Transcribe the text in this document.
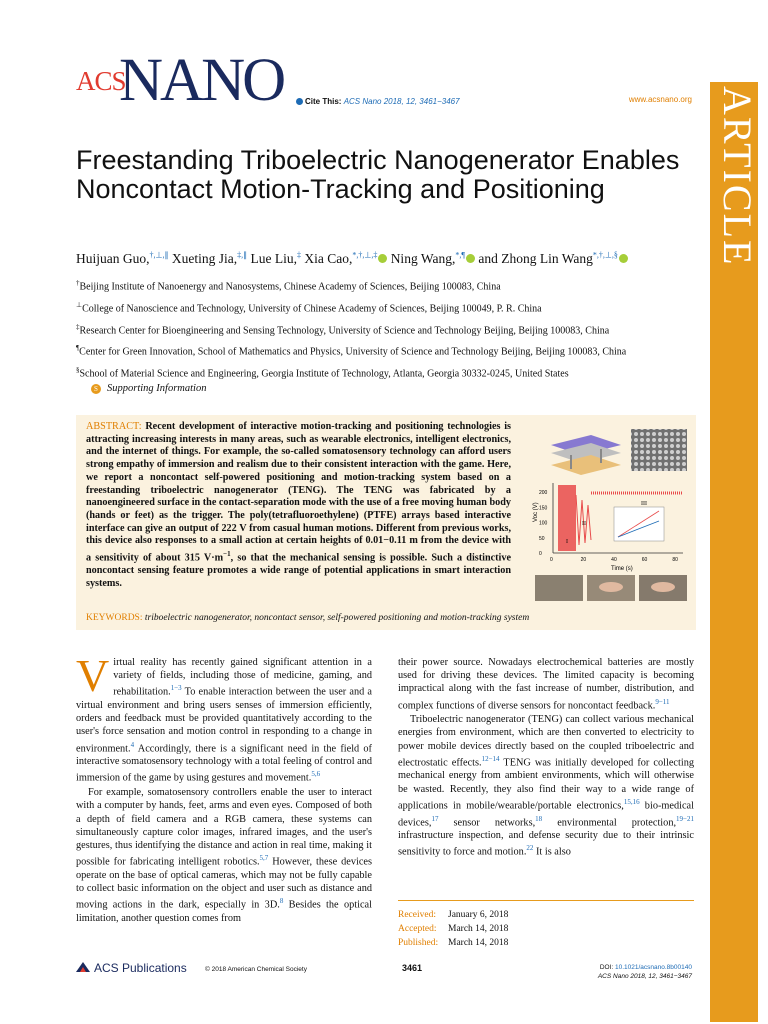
ACS
NANO	Cite This: ACS Nano 2018, 12, 3461−3467	www.acsnano.org ARTICLE
Freestanding Triboelectric Nanogenerator Enables Noncontact Motion-Tracking and Positioning
Huijuan Guo,†,⊥,∥ Xueting Jia,‡,∥ Lue Liu,‡ Xia Cao,*,†,⊥,‡ Ning Wang,*,¶ and Zhong Lin Wang*,†,⊥,§
†Beijing Institute of Nanoenergy and Nanosystems, Chinese Academy of Sciences, Beijing 100083, China
⊥College of Nanoscience and Technology, University of Chinese Academy of Sciences, Beijing 100049, P. R. China
‡Research Center for Bioengineering and Sensing Technology, University of Science and Technology Beijing, Beijing 100083, China
¶Center for Green Innovation, School of Mathematics and Physics, University of Science and Technology Beijing, Beijing 100083, China
§School of Material Science and Engineering, Georgia Institute of Technology, Atlanta, Georgia 30332-0245, United States
S Supporting Information
ABSTRACT: Recent development of interactive motion-tracking and positioning technologies is attracting increasing interests in many areas, such as wearable electronics, intelligent electronics, and the internet of things. For example, the so-called somatosensory technology can afford users strong empathy of immersion and realism due to their consistent interaction with the game. Here, we report a noncontact self-powered positioning and motion-tracking system based on a freestanding triboelectric nanogenerator (TENG). The TENG was fabricated by a nanoengineered surface in the contact-separation mode with the use of a free moving human body (hands or feet) as the trigger. The poly(tetrafluoroethylene) (PTFE) arrays based interactive interface can give an output of 222 V from casual human motions. Different from previous works, this device also responses to a small action at certain heights of 0.01−0.11 m from the device with a sensitivity of about 315 $V\cdot m^{-1}$, so that the mechanical sensing is possible. Such a distinctive noncontact sensing feature promotes a wide range of potential applications in smart interaction systems.
Voc (V)
200
150
100
50
0
0	20	40	60	80
Time (s)
I
II
III
KEYWORDS: triboelectric nanogenerator, noncontact sensor, self-powered positioning and motion-tracking system

Virtual reality has recently gained significant attention in a variety of fields, including those of medicine, gaming, and rehabilitation.$^{1-3}$ To enable interaction between the user and a virtual environment and bring users senses of immersion efficiently, orders and feedback must be provided quantitatively according to the user's force sensation and motion control in responding to a change in environment.$^4$ Accordingly, there is a significant need in the field of interactive somatosensory technology with a total feeling of control and immersion of the game by using gestures and movement.$^{5,6}$

For example, somatosensory controllers enable the user to interact with a computer by hands, feet, arms and even eyes. Composed of both a depth of field camera and a RGB camera, these systems can simultaneously capture color images, infrared images, and the user's gestures, thus identifying the distance and action in real time, making it possible for fabricating intelligent robotics.$^{5,7}$ However, these devices operate on the base of optical cameras, which may not be fully capable to collect basic information on the object and user such as distance and moving actions in the dark, especially in 3D.$^8$ Besides the optical limitation, another question comes from

their power source. Nowadays electrochemical batteries are mostly used for driving these devices. The limited capacity is becoming impractical along with the fast increase of number, distribution, and complex functions of diverse sensors for noncontact feedback.$^{9-11}$

Triboelectric nanogenerator (TENG) can collect various mechanical energies from environment, which are then converted to electricity to power mobile devices directly based on the coupled triboelectric and electrostatic effects.$^{12-14}$ TENG was initially developed for collecting mechanical energy from ambient environments, which will otherwise be wasted. Recently, they also find their way to a wide range of applications in mobile/wearable/portable electronics,$^{15,16}$ bio-medical devices,$^{17}$ sensor networks,$^{18}$ environmental protection,$^{19-21}$ infrastructure inspection, and defense security due to their intrinsic sensitivity to force and motion.$^{22}$ It is also

Received: January 6, 2018
Accepted: March 14, 2018
Published: March 14, 2018
ACS Publications	© 2018 American Chemical Society	3461	DOI: 10.1021/acsnano.8b00140
ACS Nano 2018, 12, 3461−3467
